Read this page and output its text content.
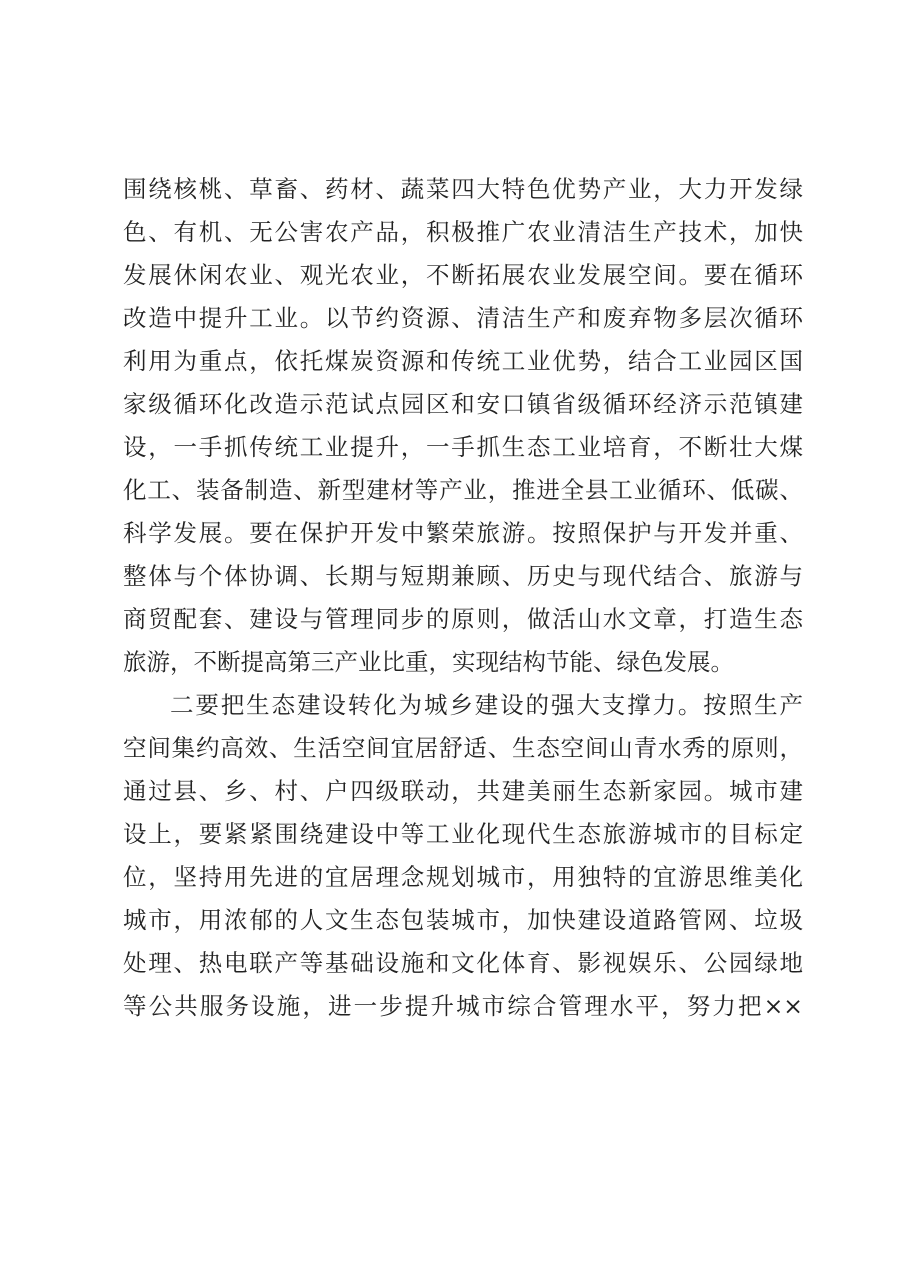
围绕核桃、草畜、药材、蔬菜四大特色优势产业，大力开发绿
色、有机、无公害农产品，积极推广农业清洁生产技术，加快
发展休闲农业、观光农业，不断拓展农业发展空间。要在循环
改造中提升工业。以节约资源、清洁生产和废弃物多层次循环
利用为重点，依托煤炭资源和传统工业优势，结合工业园区国
家级循环化改造示范试点园区和安口镇省级循环经济示范镇建
设，一手抓传统工业提升，一手抓生态工业培育，不断壮大煤
化工、装备制造、新型建材等产业，推进全县工业循环、低碳、
科学发展。要在保护开发中繁荣旅游。按照保护与开发并重、
整体与个体协调、长期与短期兼顾、历史与现代结合、旅游与
商贸配套、建设与管理同步的原则，做活山水文章，打造生态
旅游，不断提高第三产业比重，实现结构节能、绿色发展。
二要把生态建设转化为城乡建设的强大支撑力。按照生产
空间集约高效、生活空间宜居舒适、生态空间山青水秀的原则，
通过县、乡、村、户四级联动，共建美丽生态新家园。城市建
设上，要紧紧围绕建设中等工业化现代生态旅游城市的目标定
位，坚持用先进的宜居理念规划城市，用独特的宜游思维美化
城市，用浓郁的人文生态包装城市，加快建设道路管网、垃圾
处理、热电联产等基础设施和文化体育、影视娱乐、公园绿地
等公共服务设施，进一步提升城市综合管理水平，努力把××
